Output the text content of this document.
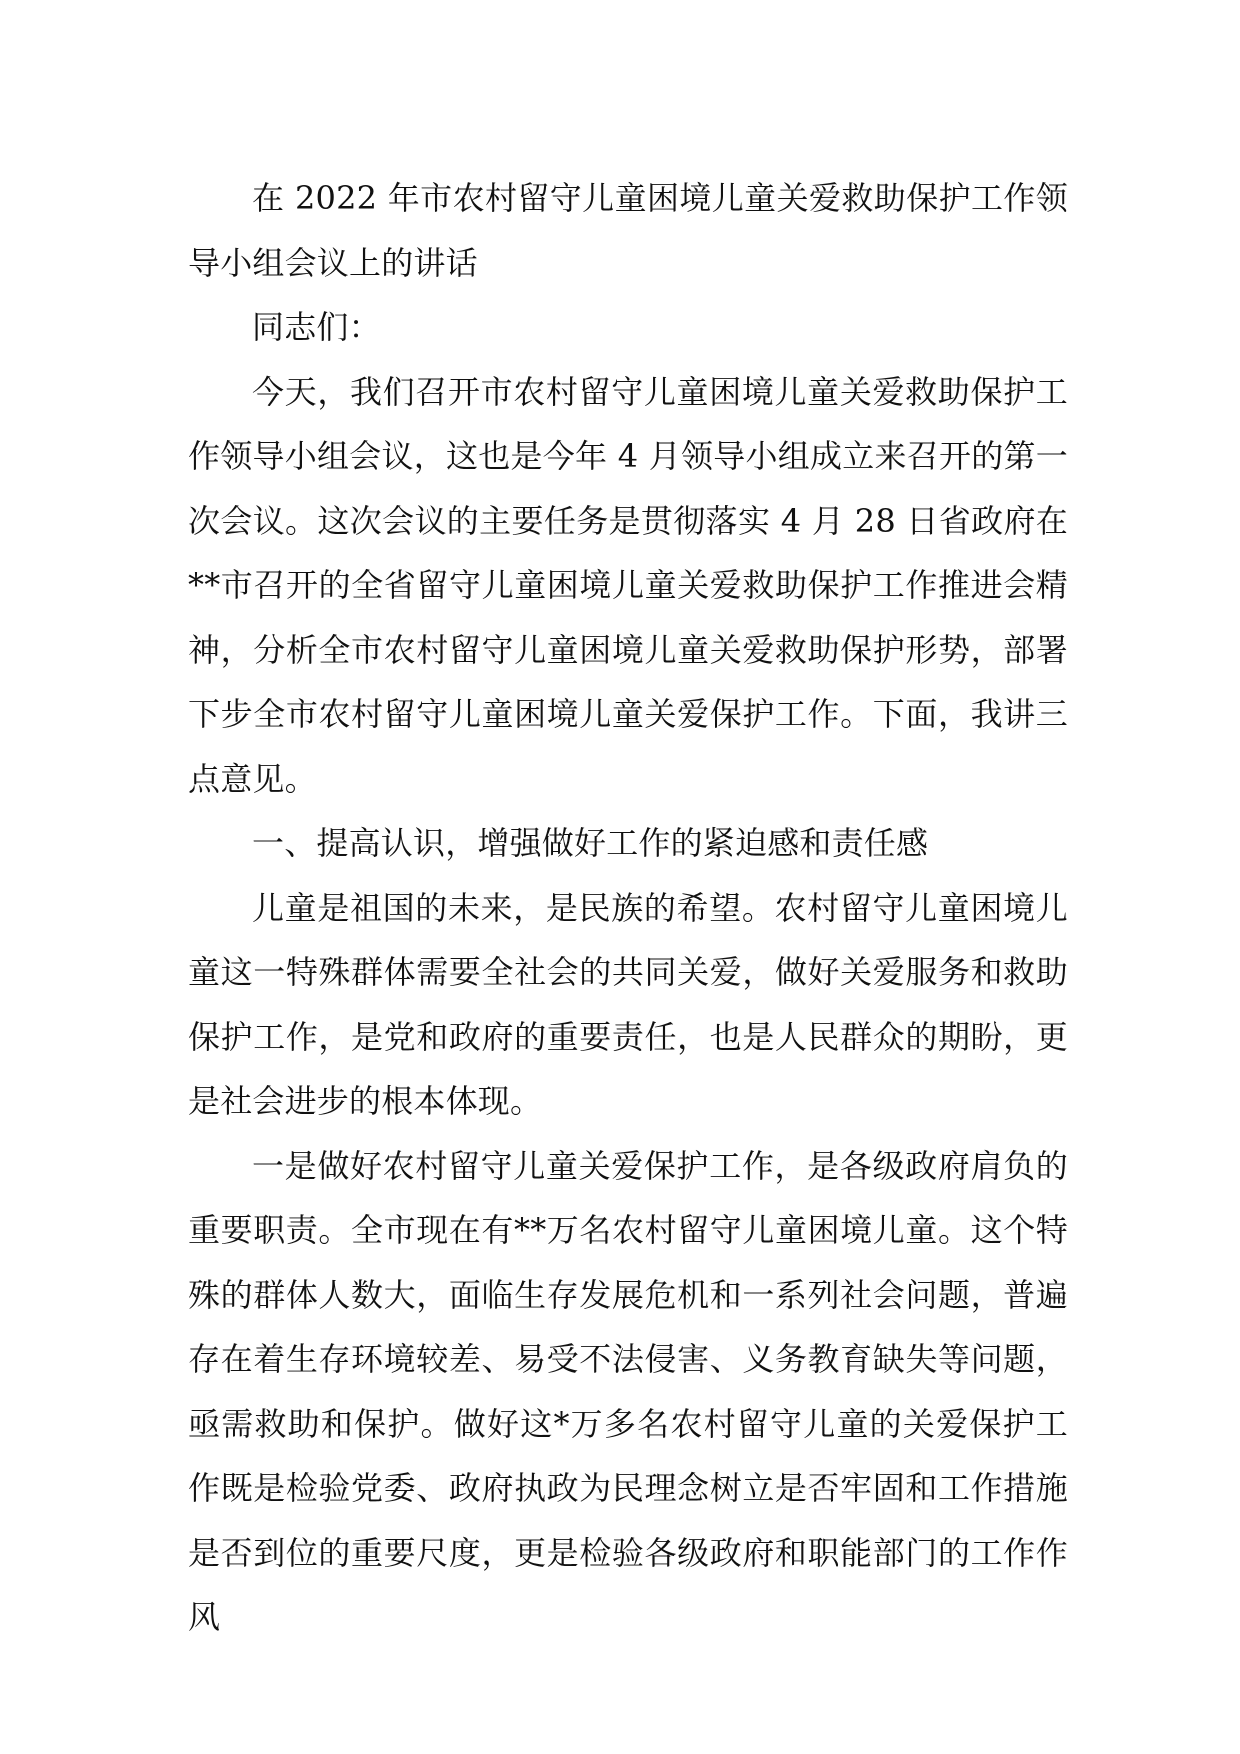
在 2022 年市农村留守儿童困境儿童关爱救助保护工作领导小组会议上的讲话

同志们：

今天，我们召开市农村留守儿童困境儿童关爱救助保护工作领导小组会议，这也是今年 4 月领导小组成立来召开的第一次会议。这次会议的主要任务是贯彻落实 4 月 28 日省政府在**市召开的全省留守儿童困境儿童关爱救助保护工作推进会精神，分析全市农村留守儿童困境儿童关爱救助保护形势，部署下步全市农村留守儿童困境儿童关爱保护工作。下面，我讲三点意见。

一、提高认识，增强做好工作的紧迫感和责任感

儿童是祖国的未来，是民族的希望。农村留守儿童困境儿童这一特殊群体需要全社会的共同关爱，做好关爱服务和救助保护工作，是党和政府的重要责任，也是人民群众的期盼，更是社会进步的根本体现。

一是做好农村留守儿童关爱保护工作，是各级政府肩负的重要职责。全市现在有**万名农村留守儿童困境儿童。这个特殊的群体人数大，面临生存发展危机和一系列社会问题，普遍存在着生存环境较差、易受不法侵害、义务教育缺失等问题，亟需救助和保护。做好这*万多名农村留守儿童的关爱保护工作既是检验党委、政府执政为民理念树立是否牢固和工作措施是否到位的重要尺度，更是检验各级政府和职能部门的工作作风
